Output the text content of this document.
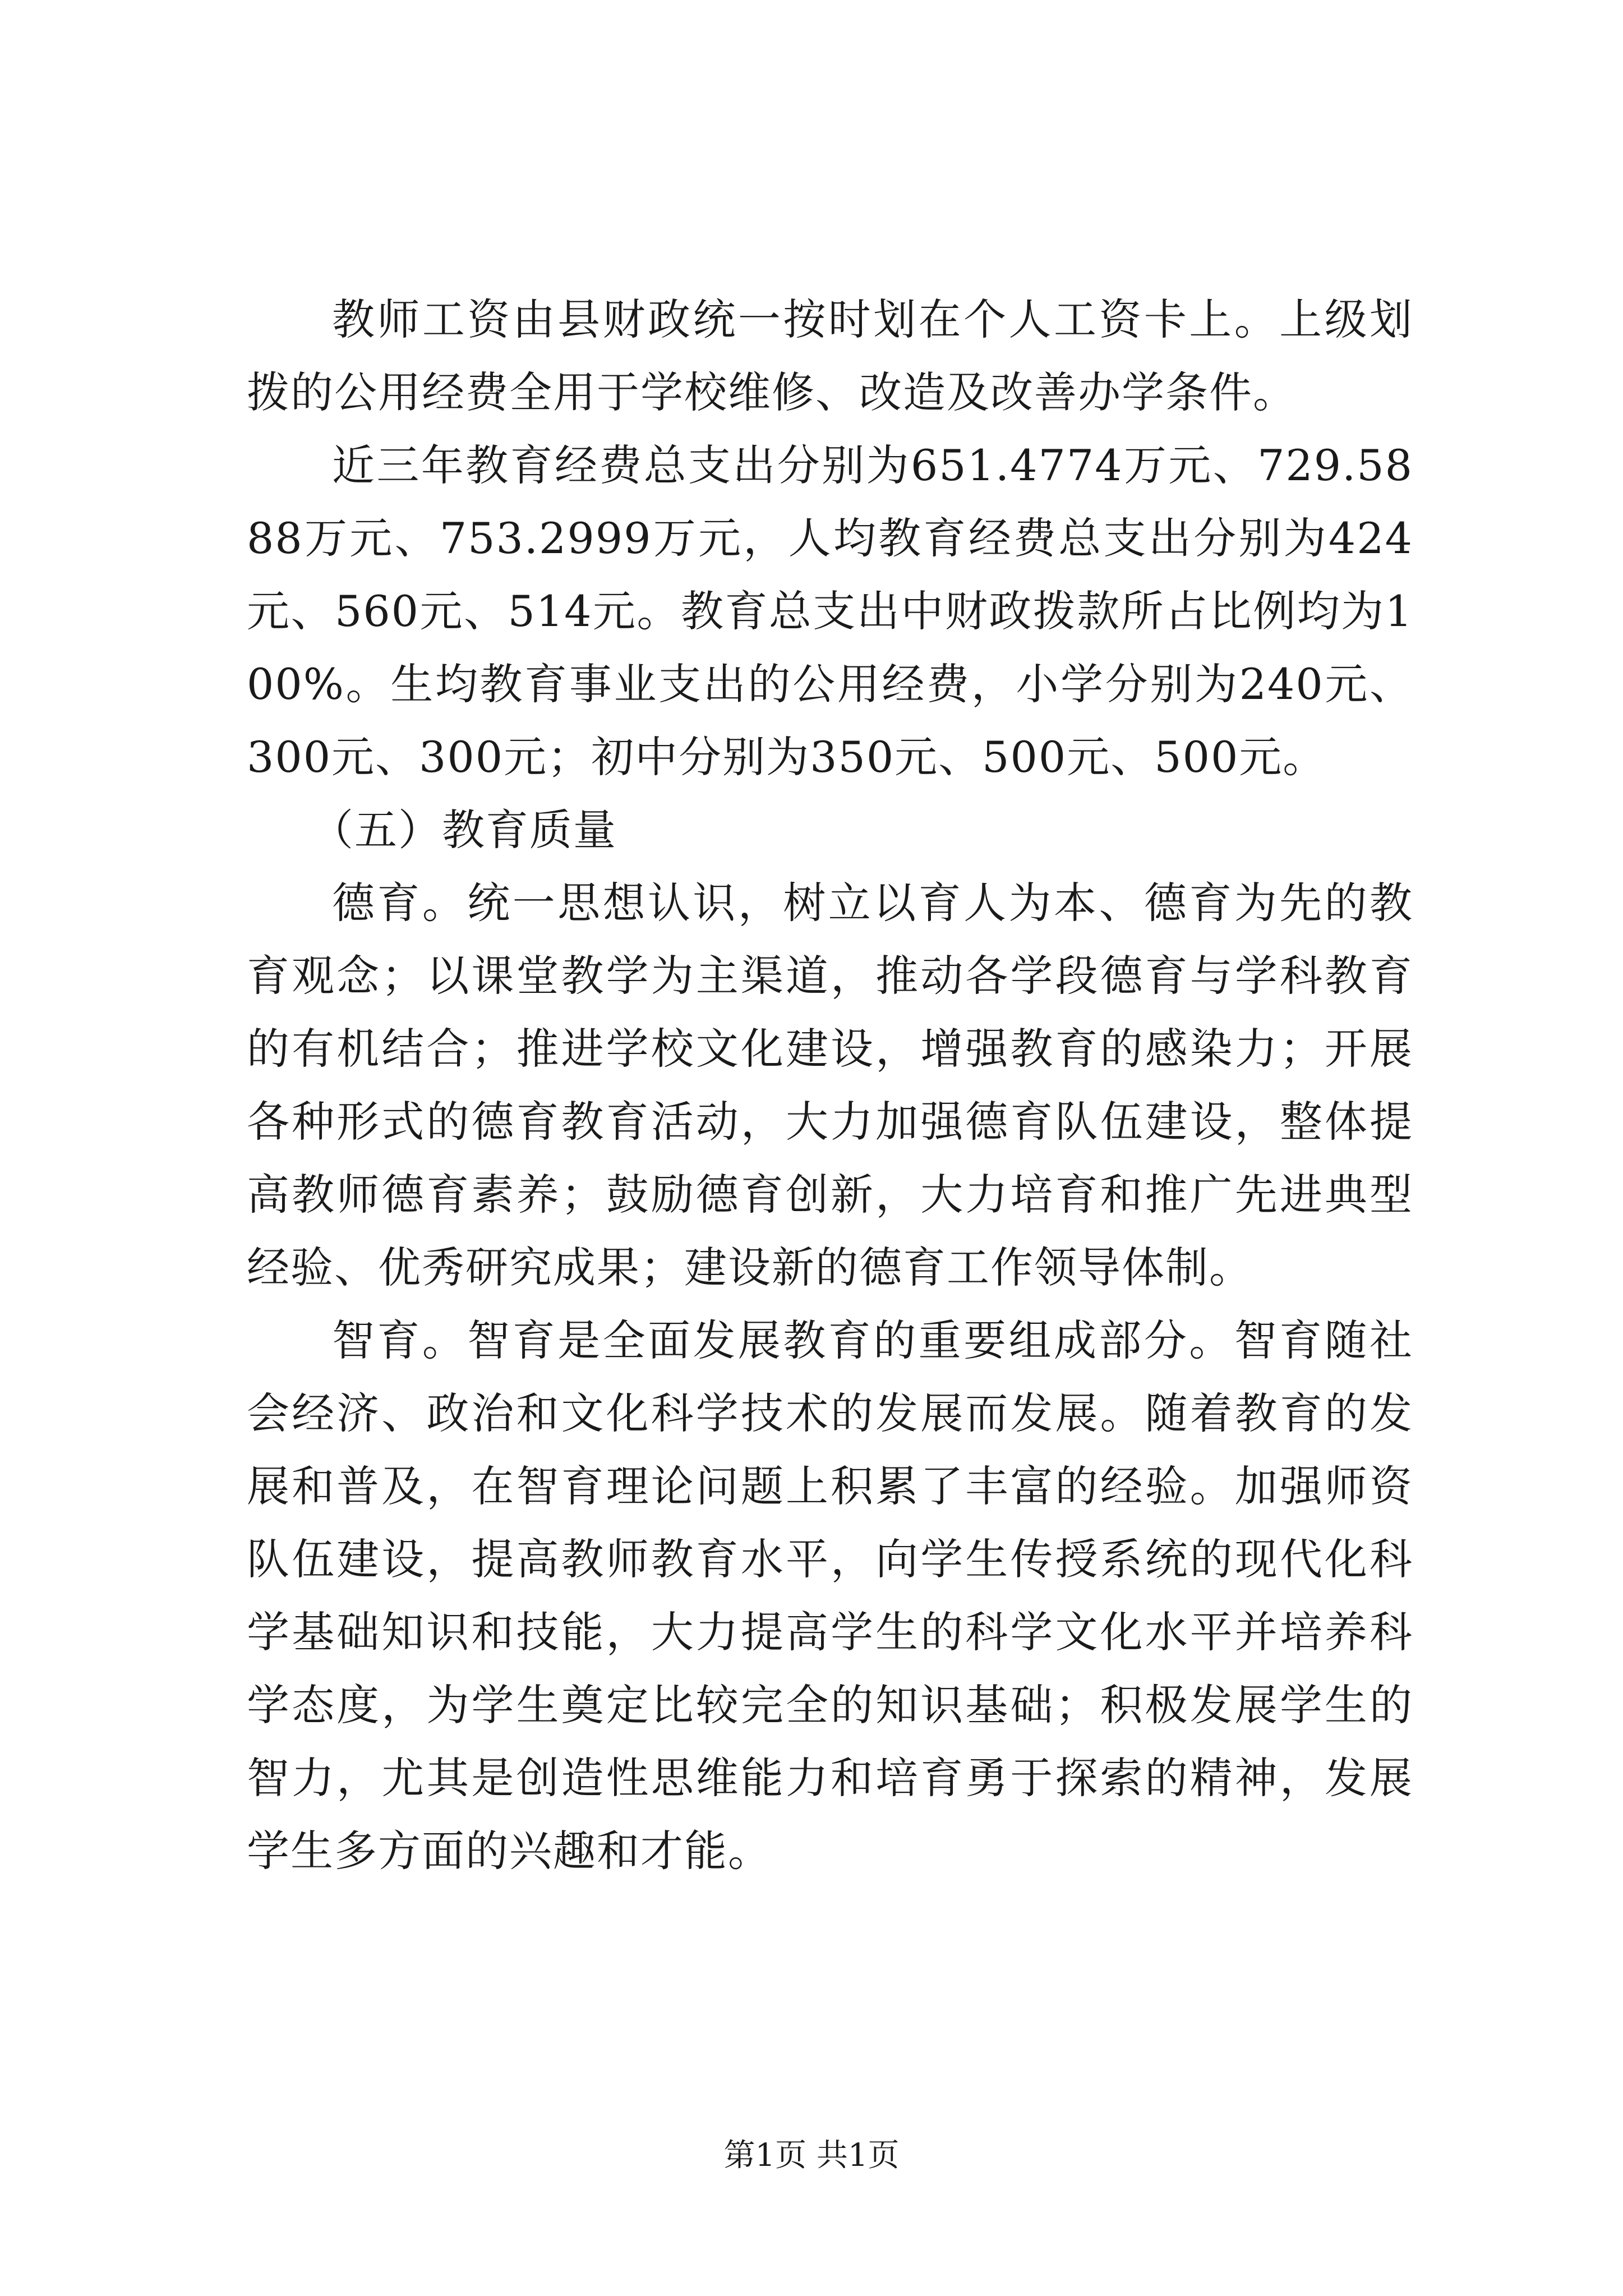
教师工资由县财政统一按时划在个人工资卡上。上级划拨的公用经费全用于学校维修、改造及改善办学条件。

近三年教育经费总支出分别为651.4774万元、729.5888万元、753.2999万元，人均教育经费总支出分别为424元、560元、514元。教育总支出中财政拨款所占比例均为100%。生均教育事业支出的公用经费，小学分别为240元、300元、300元；初中分别为350元、500元、500元。

（五）教育质量

德育。统一思想认识，树立以育人为本、德育为先的教育观念；以课堂教学为主渠道，推动各学段德育与学科教育的有机结合；推进学校文化建设，增强教育的感染力；开展各种形式的德育教育活动，大力加强德育队伍建设，整体提高教师德育素养；鼓励德育创新，大力培育和推广先进典型经验、优秀研究成果；建设新的德育工作领导体制。

智育。智育是全面发展教育的重要组成部分。智育随社会经济、政治和文化科学技术的发展而发展。随着教育的发展和普及，在智育理论问题上积累了丰富的经验。加强师资队伍建设，提高教师教育水平，向学生传授系统的现代化科学基础知识和技能，大力提高学生的科学文化水平并培养科学态度，为学生奠定比较完全的知识基础；积极发展学生的智力，尤其是创造性思维能力和培育勇于探索的精神，发展学生多方面的兴趣和才能。

第1页 共1页
